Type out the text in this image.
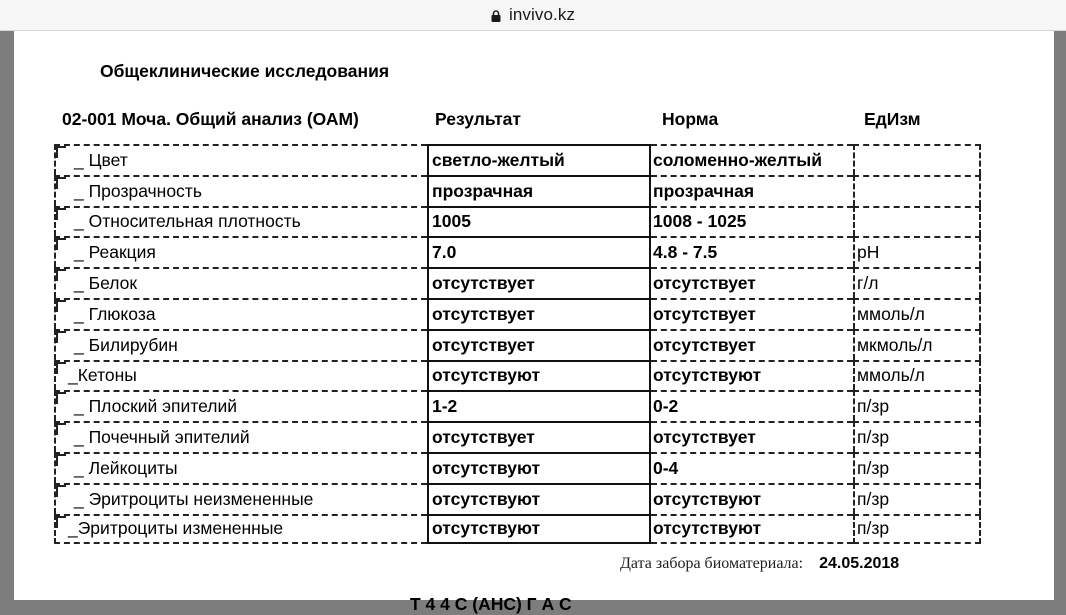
invivo.kz
Общеклинические исследования
02-001 Моча. Общий анализ (ОАМ)	Результат	Норма	ЕдИзм
_ Цвет	светло-желтый	соломенно-желтый
_ Прозрачность	прозрачная	прозрачная
_ Относительная плотность	1005	1008 - 1025
_ Реакция	7.0	4.8 - 7.5	pH
_ Белок	отсутствует	отсутствует	г/л
_ Глюкоза	отсутствует	отсутствует	ммоль/л
_ Билирубин	отсутствует	отсутствует	мкмоль/л
_Кетоны	отсутствуют	отсутствуют	ммоль/л
_ Плоский эпителий	1-2	0-2	п/зр
_ Почечный эпителий	отсутствует	отсутствует	п/зр
_ Лейкоциты	отсутствуют	0-4	п/зр
_ Эритроциты неизмененные	отсутствуют	отсутствуют	п/зр
_Эритроциты измененные	отсутствуют	отсутствуют	п/зр
Дата забора биоматериала: 24.05.2018
Т 4 4 С (АНС) Г А С
